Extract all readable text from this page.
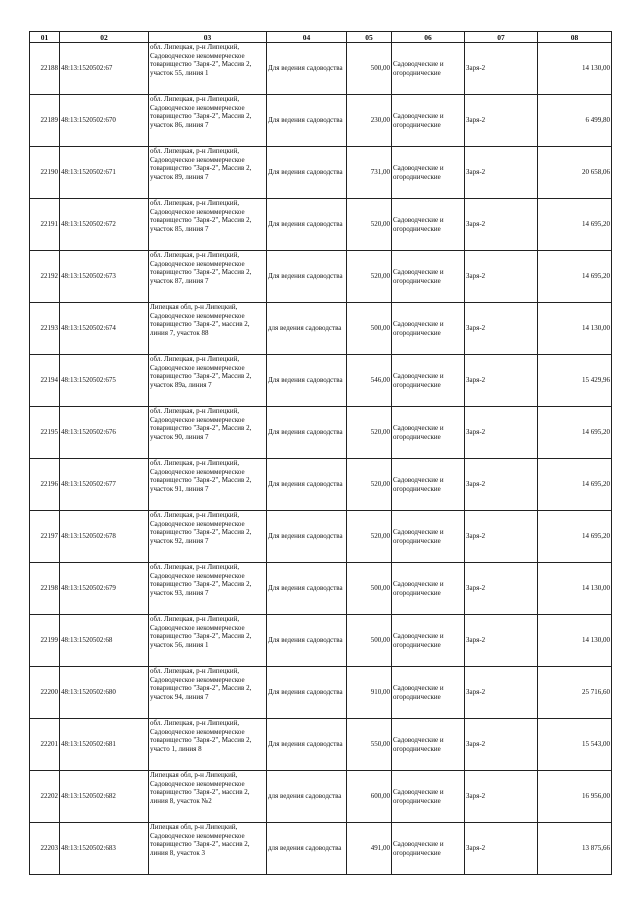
01	02	03	04	05	06	07	08

22188	48:13:1520502:67	обл. Липецкая, р-н Липецкий, Садоводческое некоммерческое товарищество "Заря-2", Массив 2, участок 55, линия 1	Для ведения садоводства	500,00	Садоводческие и огороднические	Заря-2	14 130,00

22189	48:13:1520502:670	обл. Липецкая, р-н Липецкий, Садоводческое некоммерческое товарищество "Заря-2", Массив 2, участок 86, линия 7	Для ведения садоводства	230,00	Садоводческие и огороднические	Заря-2	6 499,80

22190	48:13:1520502:671	обл. Липецкая, р-н Липецкий, Садоводческое некоммерческое товарищество "Заря-2", Массив 2, участок 89, линия 7	Для ведения садоводства	731,00	Садоводческие и огороднические	Заря-2	20 658,06

22191	48:13:1520502:672	обл. Липецкая, р-н Липецкий, Садоводческое некоммерческое товарищество "Заря-2", Массив 2, участок 85, линия 7	Для ведения садоводства	520,00	Садоводческие и огороднические	Заря-2	14 695,20

22192	48:13:1520502:673	обл. Липецкая, р-н Липецкий, Садоводческое некоммерческое товарищество "Заря-2", Массив 2, участок 87, линия 7	Для ведения садоводства	520,00	Садоводческие и огороднические	Заря-2	14 695,20

22193	48:13:1520502:674	Липецкая обл, р-н Липецкий, Садоводческое некоммерческое товарищество "Заря-2", массив 2, линия 7, участок 88	для ведения садоводства	500,00	Садоводческие и огороднические	Заря-2	14 130,00

22194	48:13:1520502:675	обл. Липецкая, р-н Липецкий, Садоводческое некоммерческое товарищество "Заря-2", Массив 2, участок 89а, линия 7	Для ведения садоводства	546,00	Садоводческие и огороднические	Заря-2	15 429,96

22195	48:13:1520502:676	обл. Липецкая, р-н Липецкий, Садоводческое некоммерческое товарищество "Заря-2", Массив 2, участок 90, линия 7	Для ведения садоводства	520,00	Садоводческие и огороднические	Заря-2	14 695,20

22196	48:13:1520502:677	обл. Липецкая, р-н Липецкий, Садоводческое некоммерческое товарищество "Заря-2", Массив 2, участок 91, линия 7	Для ведения садоводства	520,00	Садоводческие и огороднические	Заря-2	14 695,20

22197	48:13:1520502:678	обл. Липецкая, р-н Липецкий, Садоводческое некоммерческое товарищество "Заря-2", Массив 2, участок 92, линия 7	Для ведения садоводства	520,00	Садоводческие и огороднические	Заря-2	14 695,20

22198	48:13:1520502:679	обл. Липецкая, р-н Липецкий, Садоводческое некоммерческое товарищество "Заря-2", Массив 2, участок 93, линия 7	Для ведения садоводства	500,00	Садоводческие и огороднические	Заря-2	14 130,00

22199	48:13:1520502:68	обл. Липецкая, р-н Липецкий, Садоводческое некоммерческое товарищество "Заря-2", Массив 2, участок 56, линия 1	Для ведения садоводства	500,00	Садоводческие и огороднические	Заря-2	14 130,00

22200	48:13:1520502:680	обл. Липецкая, р-н Липецкий, Садоводческое некоммерческое товарищество "Заря-2", Массив 2, участок 94, линия 7	Для ведения садоводства	910,00	Садоводческие и огороднические	Заря-2	25 716,60

22201	48:13:1520502:681	обл. Липецкая, р-н Липецкий, Садоводческое некоммерческое товарищество "Заря-2", Массив 2, участо 1, линия 8	Для ведения садоводства	550,00	Садоводческие и огороднические	Заря-2	15 543,00

22202	48:13:1520502:682	Липецкая обл, р-н Липецкий, Садоводческое некоммерческое товарищество "Заря-2", массив 2, линия 8, участок №2	для ведения садоводства	600,00	Садоводческие и огороднические	Заря-2	16 956,00

22203	48:13:1520502:683	Липецкая обл, р-н Липецкий, Садоводческое некоммерческое товарищество "Заря-2", массив 2, линия 8, участок 3	для ведения садоводства	491,00	Садоводческие и огороднические	Заря-2	13 875,66
